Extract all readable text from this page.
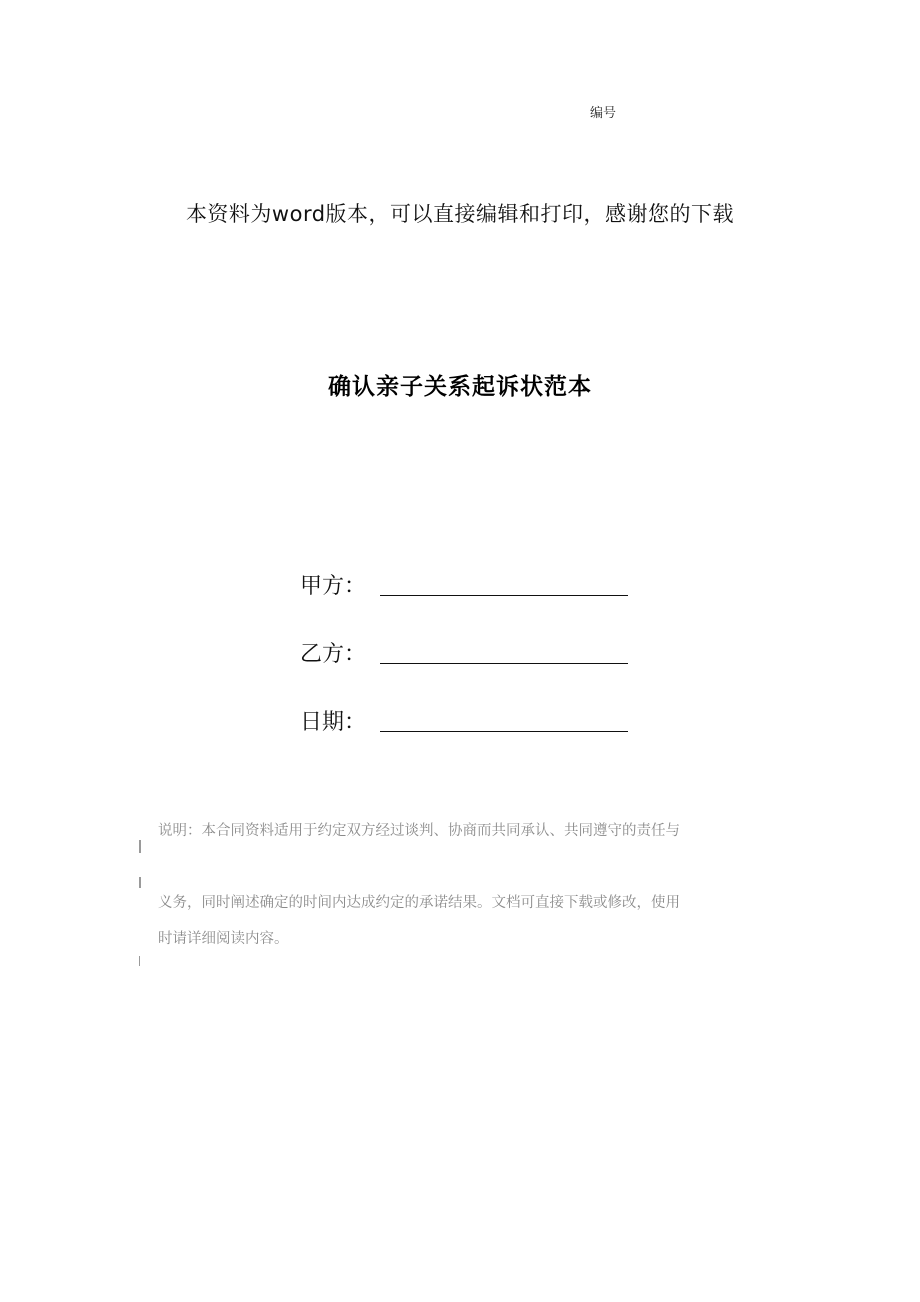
编号
本资料为word版本，可以直接编辑和打印，感谢您的下载
确认亲子关系起诉状范本
甲方：
乙方：
日期：
说明：本合同资料适用于约定双方经过谈判、协商而共同承认、共同遵守的责任与
义务，同时阐述确定的时间内达成约定的承诺结果。文档可直接下载或修改，使用
时请详细阅读内容。
